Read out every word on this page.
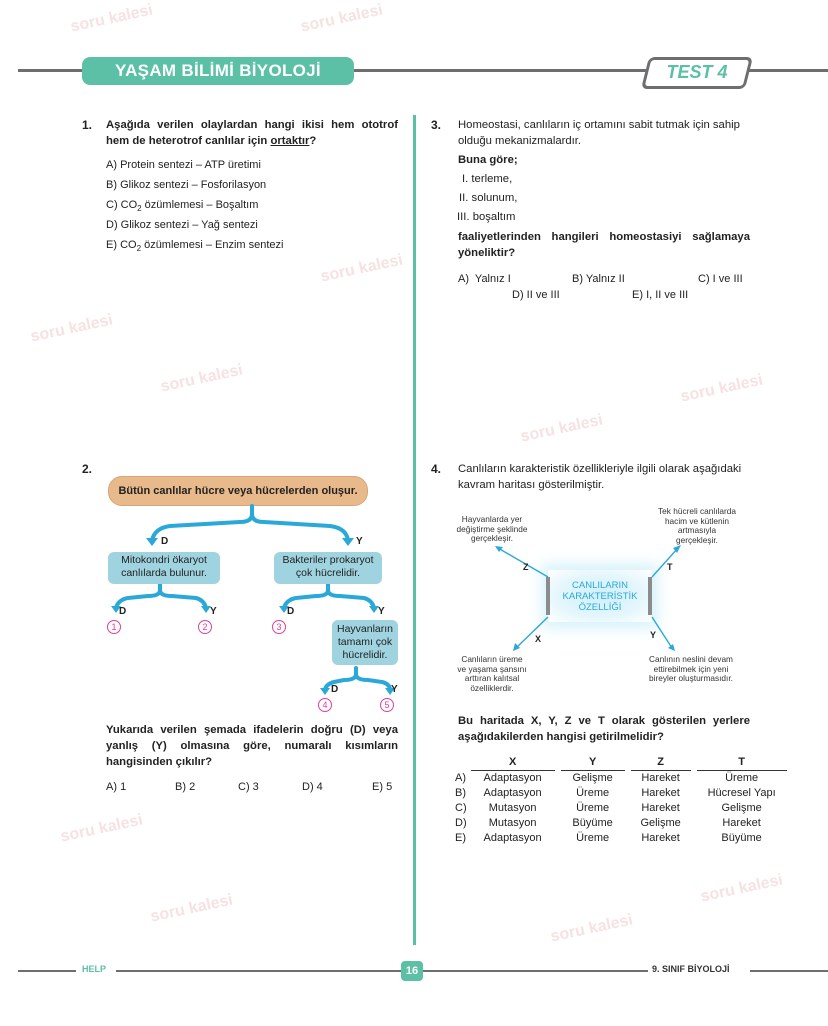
soru kalesi	soru kalesi
soru kalesi
soru kalesi
soru kalesi	soru kalesi
soru kalesi
soru kalesi
soru kalesi
soru kalesi
soru kalesi
YAŞAM BİLİMİ BİYOLOJİ	TEST 4
1. Aşağıda verilen olaylardan hangi ikisi hem ototrof hem de heterotrof canlılar için ortaktır?
A) Protein sentezi – ATP üretimi
B) Glikoz sentezi – Fosforilasyon
C) $CO_2$ özümlemesi – Boşaltım
D) Glikoz sentezi – Yağ sentezi
E) $CO_2$ özümlemesi – Enzim sentezi
3. Homeostasi, canlıların iç ortamını sabit tutmak için sahip olduğu mekanizmalardır.
Buna göre;
I. terleme,
II. solunum,
III. boşaltım
faaliyetlerinden hangileri homeostasiyi sağlamaya yöneliktir?
A) Yalnız I	B) Yalnız II	C) I ve III
D) II ve III	E) I, II ve III
2.
Bütün canlılar hücre veya hücrelerden oluşur.
D	Y
Mitokondri ökaryot canlılarda bulunur.
Bakteriler prokaryot çok hücrelidir.
D	Y	D	Y
1	2	3	Hayvanların tamamı çok hücrelidir.
D	Y
4	5
Yukarıda verilen şemada ifadelerin doğru (D) veya yanlış (Y) olmasına göre, numaralı kısımların hangisinden çıkılır?
A) 1	B) 2	C) 3	D) 4	E) 5
4. Canlıların karakteristik özellikleriyle ilgili olarak aşağıdaki kavram haritası gösterilmiştir.
Hayvanlarda yer değiştirme şeklinde gerçekleşir.
Tek hücreli canlılarda hacim ve kütlenin artmasıyla gerçekleşir.
Canlıların üreme ve yaşama şansını arttıran kalıtsal özelliklerdir.
Canlının neslini devam ettirebilmek için yeni bireyler oluşturmasıdır.
CANLILARIN KARAKTERİSTİK ÖZELLİĞİ
Z	T
X	Y
Bu haritada X, Y, Z ve T olarak gösterilen yerlere aşağıdakilerden hangisi getirilmelidir?
	X		Y		Z		T
A)	Adaptasyon		Gelişme		Hareket		Üreme
B)	Adaptasyon		Üreme		Hareket		Hücresel Yapı
C)	Mutasyon		Üreme		Hareket		Gelişme
D)	Mutasyon		Büyüme		Gelişme		Hareket
E)	Adaptasyon		Üreme		Hareket		Büyüme
HELP	16	9. SINIF BİYOLOJİ
